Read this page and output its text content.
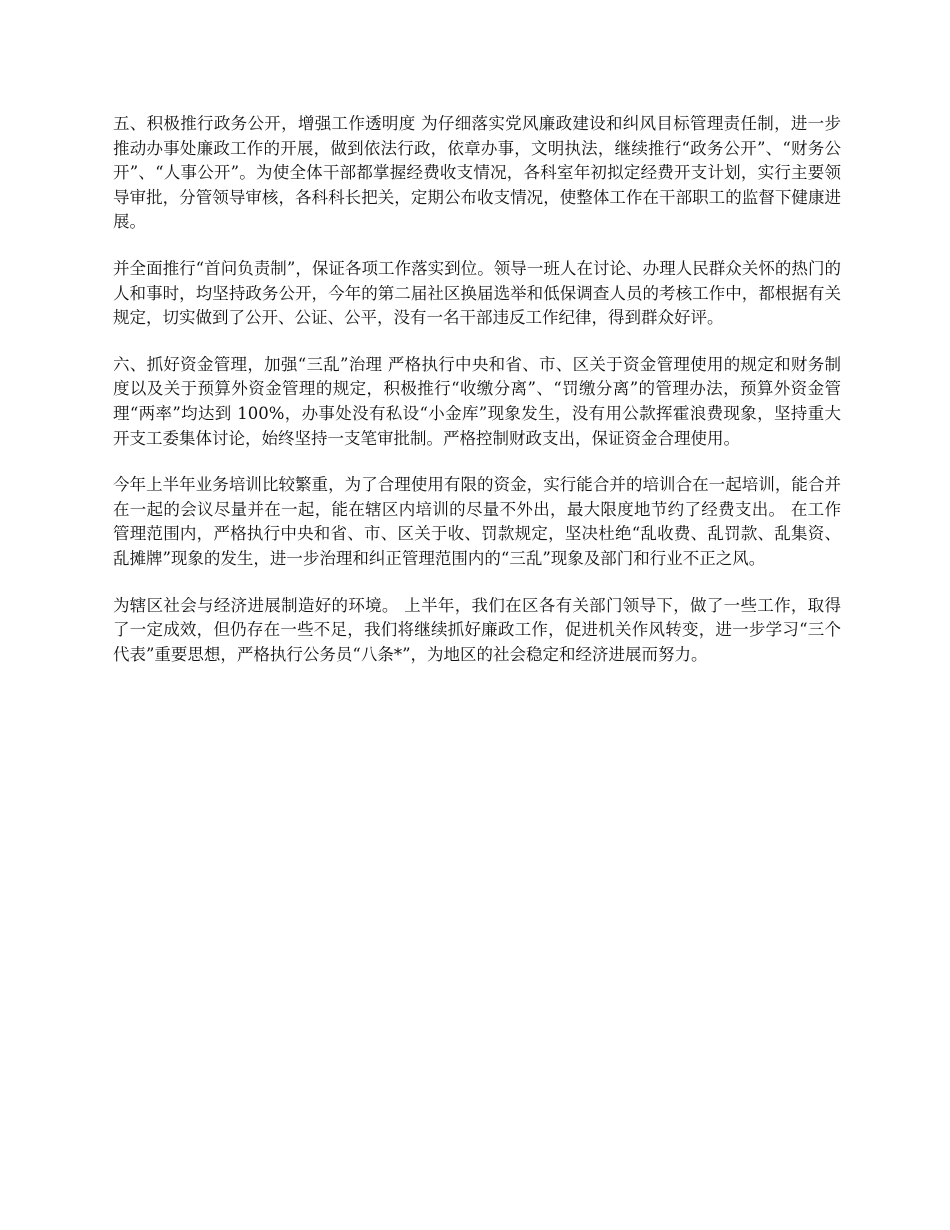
五、积极推行政务公开，增强工作透明度 为仔细落实党风廉政建设和纠风目标管理责任制，进一步推动办事处廉政工作的开展，做到依法行政，依章办事，文明执法，继续推行“政务公开”、“财务公开”、“人事公开”。为使全体干部都掌握经费收支情况，各科室年初拟定经费开支计划，实行主要领导审批，分管领导审核，各科科长把关，定期公布收支情况，使整体工作在干部职工的监督下健康进展。

并全面推行“首问负责制”，保证各项工作落实到位。领导一班人在讨论、办理人民群众关怀的热门的人和事时，均坚持政务公开，今年的第二届社区换届选举和低保调查人员的考核工作中，都根据有关规定，切实做到了公开、公证、公平，没有一名干部违反工作纪律，得到群众好评。

六、抓好资金管理，加强“三乱”治理 严格执行中央和省、市、区关于资金管理使用的规定和财务制度以及关于预算外资金管理的规定，积极推行“收缴分离”、“罚缴分离”的管理办法，预算外资金管理“两率”均达到 100%，办事处没有私设“小金库”现象发生，没有用公款挥霍浪费现象，坚持重大开支工委集体讨论，始终坚持一支笔审批制。严格控制财政支出，保证资金合理使用。

今年上半年业务培训比较繁重，为了合理使用有限的资金，实行能合并的培训合在一起培训，能合并在一起的会议尽量并在一起，能在辖区内培训的尽量不外出，最大限度地节约了经费支出。 在工作管理范围内，严格执行中央和省、市、区关于收、罚款规定，坚决杜绝“乱收费、乱罚款、乱集资、乱摊牌”现象的发生，进一步治理和纠正管理范围内的“三乱”现象及部门和行业不正之风。

为辖区社会与经济进展制造好的环境。 上半年，我们在区各有关部门领导下，做了一些工作，取得了一定成效，但仍存在一些不足，我们将继续抓好廉政工作，促进机关作风转变，进一步学习“三个代表”重要思想，严格执行公务员“八条*”，为地区的社会稳定和经济进展而努力。
